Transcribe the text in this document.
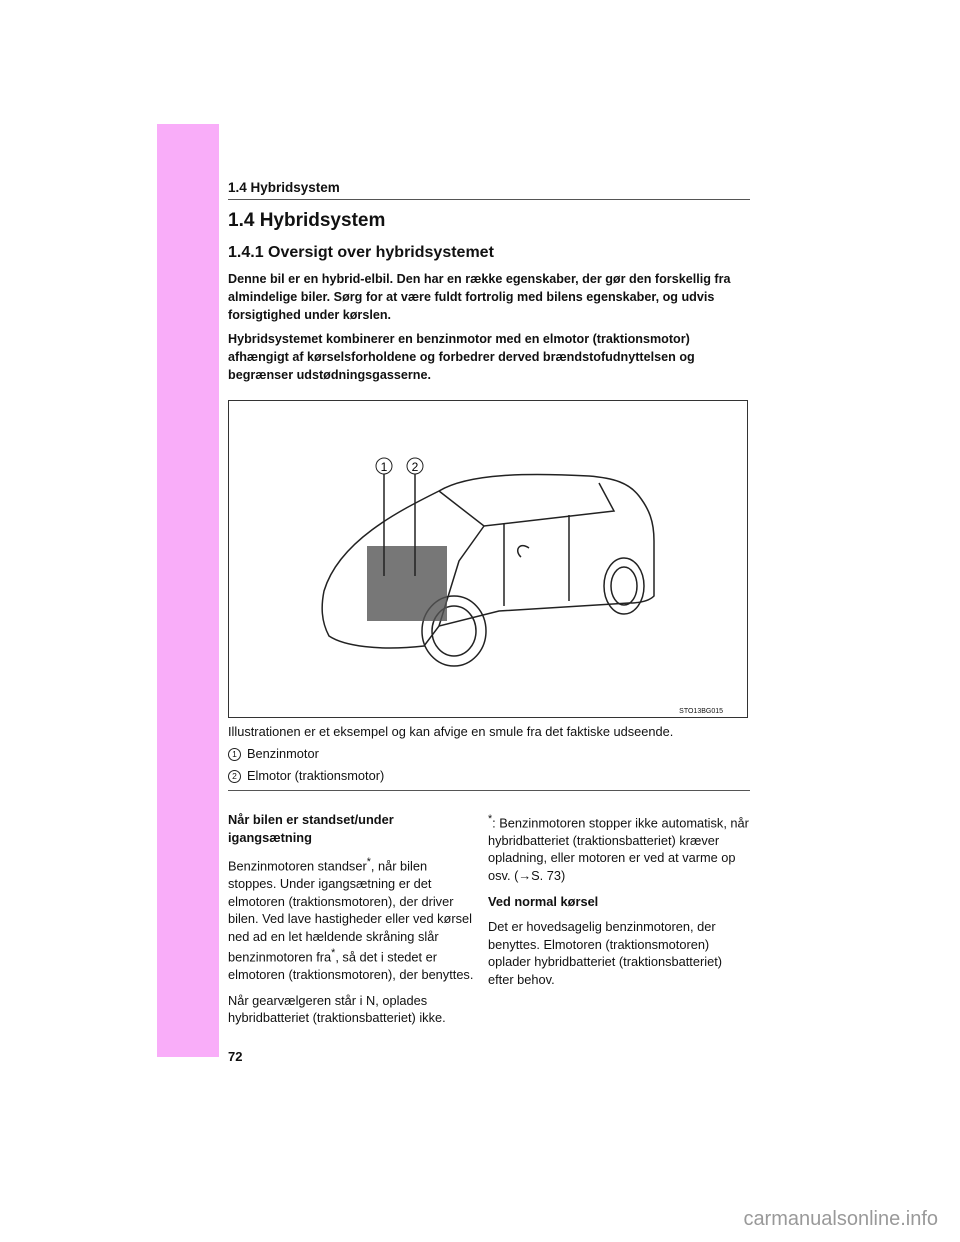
1.4 Hybridsystem
1.4 Hybridsystem
1.4.1 Oversigt over hybridsystemet

Denne bil er en hybrid-elbil. Den har en række egenskaber, der gør den forskellig fra almindelige biler. Sørg for at være fuldt fortrolig med bilens egenskaber, og udvis forsigtighed under kørslen.

Hybridsystemet kombinerer en benzinmotor med en elmotor (traktionsmotor) afhængigt af kørselsforholdene og forbedrer derved brændstofudnyttelsen og begrænser udstødningsgasserne.

1 2
STO13BG015
Illustrationen er et eksempel og kan afvige en smule fra det faktiske udseende.
1 Benzinmotor
2 Elmotor (traktionsmotor)

Når bilen er standset/under igangsætning

Benzinmotoren standser*, når bilen stoppes. Under igangsætning er det elmotoren (traktionsmotoren), der driver bilen. Ved lave hastigheder eller ved kørsel ned ad en let hældende skråning slår benzinmotoren fra*, så det i stedet er elmotoren (traktionsmotoren), der benyttes.

Når gearvælgeren står i N, oplades hybridbatteriet (traktionsbatteriet) ikke.

*: Benzinmotoren stopper ikke automatisk, når hybridbatteriet (traktionsbatteriet) kræver opladning, eller motoren er ved at varme op osv. (→S. 73)

Ved normal kørsel

Det er hovedsagelig benzinmotoren, der benyttes. Elmotoren (traktionsmotoren) oplader hybridbatteriet (traktionsbatteriet) efter behov.

72
carmanualsonline.info
